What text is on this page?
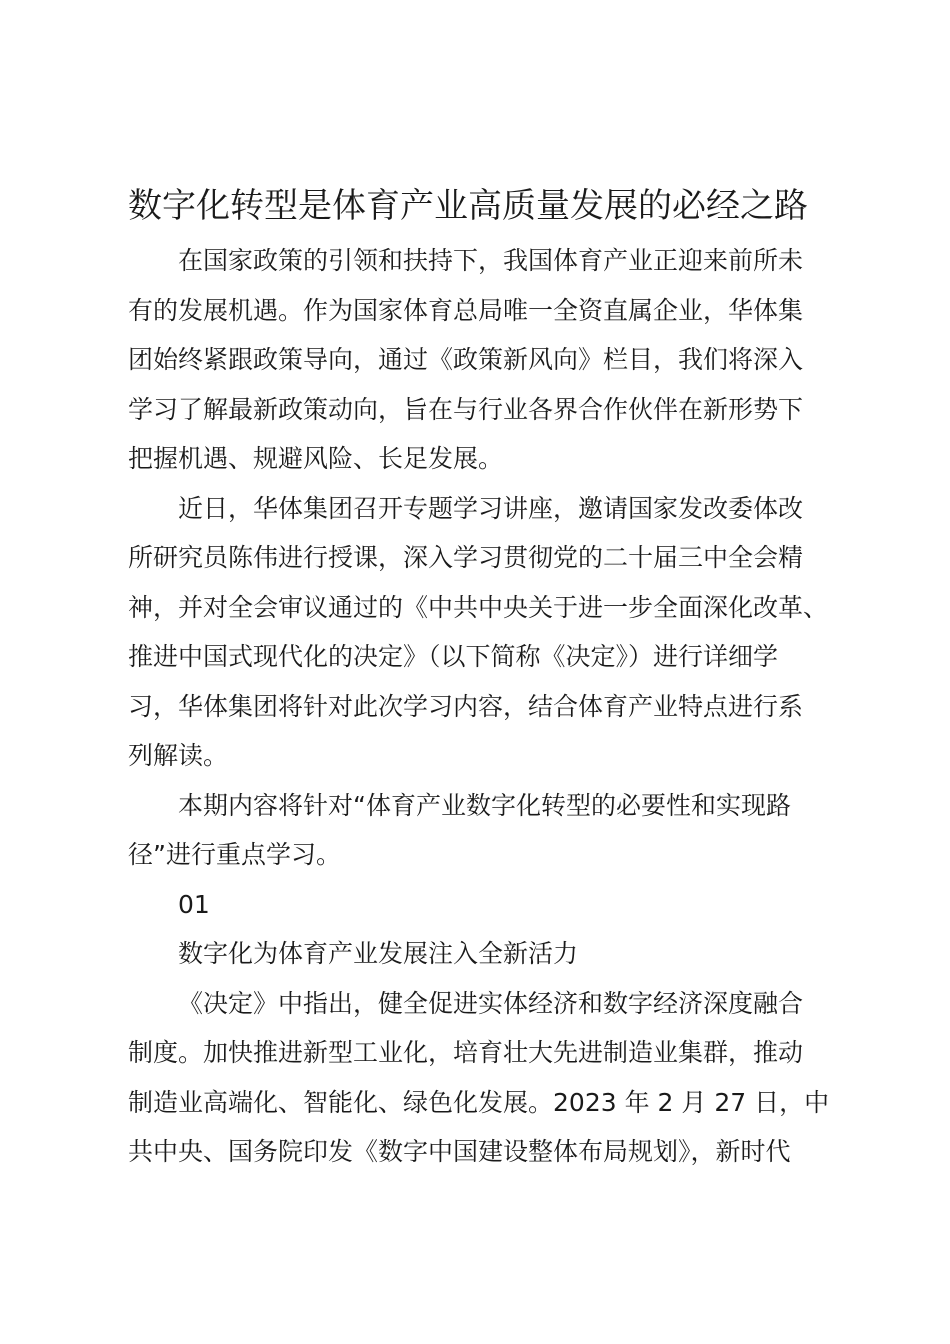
数字化转型是体育产业高质量发展的必经之路

在国家政策的引领和扶持下，我国体育产业正迎来前所未
有的发展机遇。作为国家体育总局唯一全资直属企业，华体集
团始终紧跟政策导向，通过《政策新风向》栏目，我们将深入
学习了解最新政策动向，旨在与行业各界合作伙伴在新形势下
把握机遇、规避风险、长足发展。

近日，华体集团召开专题学习讲座，邀请国家发改委体改
所研究员陈伟进行授课，深入学习贯彻党的二十届三中全会精
神，并对全会审议通过的《中共中央关于进一步全面深化改革、
推进中国式现代化的决定》（以下简称《决定》）进行详细学
习，华体集团将针对此次学习内容，结合体育产业特点进行系
列解读。

本期内容将针对“体育产业数字化转型的必要性和实现路
径”进行重点学习。

01

数字化为体育产业发展注入全新活力

《决定》中指出，健全促进实体经济和数字经济深度融合
制度。加快推进新型工业化，培育壮大先进制造业集群，推动
制造业高端化、智能化、绿色化发展。2023 年 2 月 27 日，中
共中央、国务院印发《数字中国建设整体布局规划》，新时代
